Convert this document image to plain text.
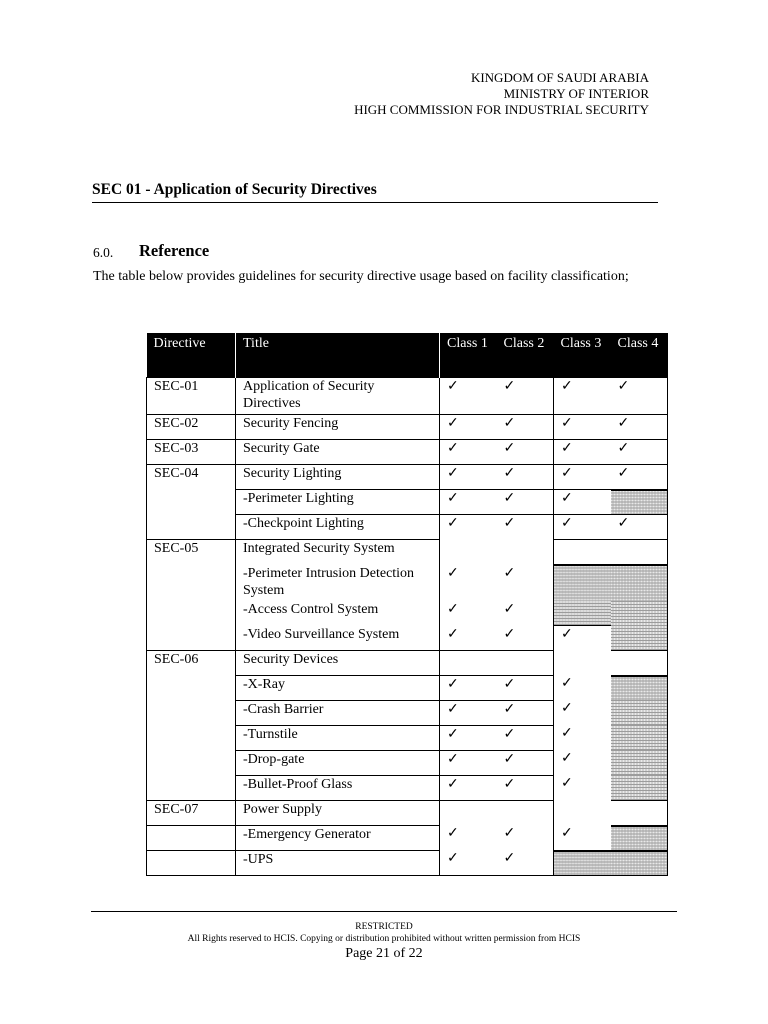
KINGDOM OF SAUDI ARABIA
MINISTRY OF INTERIOR
HIGH COMMISSION FOR INDUSTRIAL SECURITY
SEC 01 - Application of Security Directives
6.0. Reference
The table below provides guidelines for security directive usage based on facility classification;
Directive	Title	Class 1	Class 2	Class 3	Class 4
SEC-01	Application of Security Directives	✓	✓	✓	✓
SEC-02	Security Fencing	✓	✓	✓	✓
SEC-03	Security Gate	✓	✓	✓	✓
SEC-04	Security Lighting	✓	✓	✓	✓
	-Perimeter Lighting	✓	✓	✓	
	-Checkpoint Lighting	✓	✓	✓	✓
SEC-05	Integrated Security System				
	-Perimeter Intrusion Detection System	✓	✓		
	-Access Control System	✓	✓		
	-Video Surveillance System	✓	✓	✓	
SEC-06	Security Devices				
	-X-Ray	✓	✓	✓	
	-Crash Barrier	✓	✓	✓	
	-Turnstile	✓	✓	✓	
	-Drop-gate	✓	✓	✓	
	-Bullet-Proof Glass	✓	✓	✓	
SEC-07	Power Supply				
	-Emergency Generator	✓	✓	✓	
	-UPS	✓	✓		
RESTRICTED
All Rights reserved to HCIS. Copying or distribution prohibited without written permission from HCIS
Page 21 of 22
